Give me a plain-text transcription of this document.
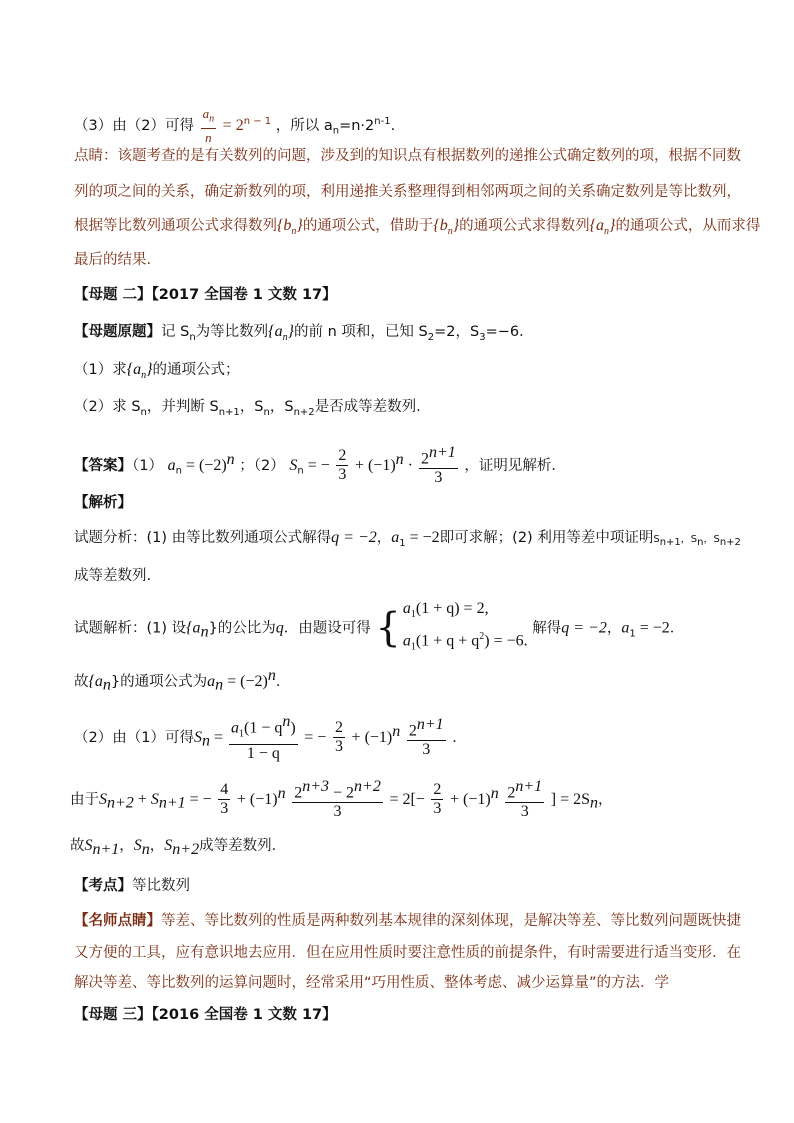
（3）由（2）可得 $\frac{a_n}{n} = 2^{n - 1}$ ，所以 $a_n=n\cdot 2^{n-1}$.
点睛：该题考查的是有关数列的问题，涉及到的知识点有根据数列的递推公式确定数列的项，根据不同数
列的项之间的关系，确定新数列的项，利用递推关系整理得到相邻两项之间的关系确定数列是等比数列，
根据等比数列通项公式求得数列$\{b_n\}$的通项公式，借助于$\{b_n\}$的通项公式求得数列$\{a_n\}$的通项公式，从而求得
最后的结果.
【母题 二】【2017 全国卷 1 文数 17】
【母题原题】记 $S_n$为等比数列$\{a_n\}$的前 n 项和，已知 $S_2=2$，$S_3=-6$．
（1）求$\{a_n\}$的通项公式；
（2）求 $S_n$，并判断 $S_{n+1}$，$S_n$，$S_{n+2}$是否成等差数列.
【答案】（1） $a_n = (-2)^n$ ；（2） $S_n$ = − $\frac{2}{3} + (-1)^n \cdot \frac{2^{n+1}}{3}$ ，证明见解析．
【解析】
试题分析：(1) 由等比数列通项公式解得q = −2，$a_1 = -2$即可求解；(2) 利用等差中项证明$S_{n+1}$，$S_n$，$S_{n+2}$
成等差数列.
试题解析：(1) 设$\{a_n\}$的公比为q．由题设可得 { $a_1(1 + q) = 2$,
$a_1(1 + q + q^2) = -6$.
解得q = −2，$a_1 = -2$．
故$\{a_n\}$的通项公式为$a_n = (-2)^n$．
（2）由（1）可得$S_n = \frac{a_1(1 - q^n)}{1 - q}$ = − $\frac{2}{3} + (-1)^n \frac{2^{n+1}}{3}$ ．
由于$S_{n+2} + S_{n+1}$ = − $\frac{4}{3} + (-1)^n \frac{2^{n+3} - 2^{n+2}}{3} = 2[- \frac{2}{3} + (-1)^n \frac{2^{n+1}}{3}$ ] = $2S_n$，
故$S_{n+1}$，$S_n$，$S_{n+2}$成等差数列．
【考点】等比数列
【名师点睛】等差、等比数列的性质是两种数列基本规律的深刻体现，是解决等差、等比数列问题既快捷
又方便的工具，应有意识地去应用．但在应用性质时要注意性质的前提条件，有时需要进行适当变形．在
解决等差、等比数列的运算问题时，经常采用“巧用性质、整体考虑、减少运算量”的方法．学
【母题 三】【2016 全国卷 1 文数 17】
